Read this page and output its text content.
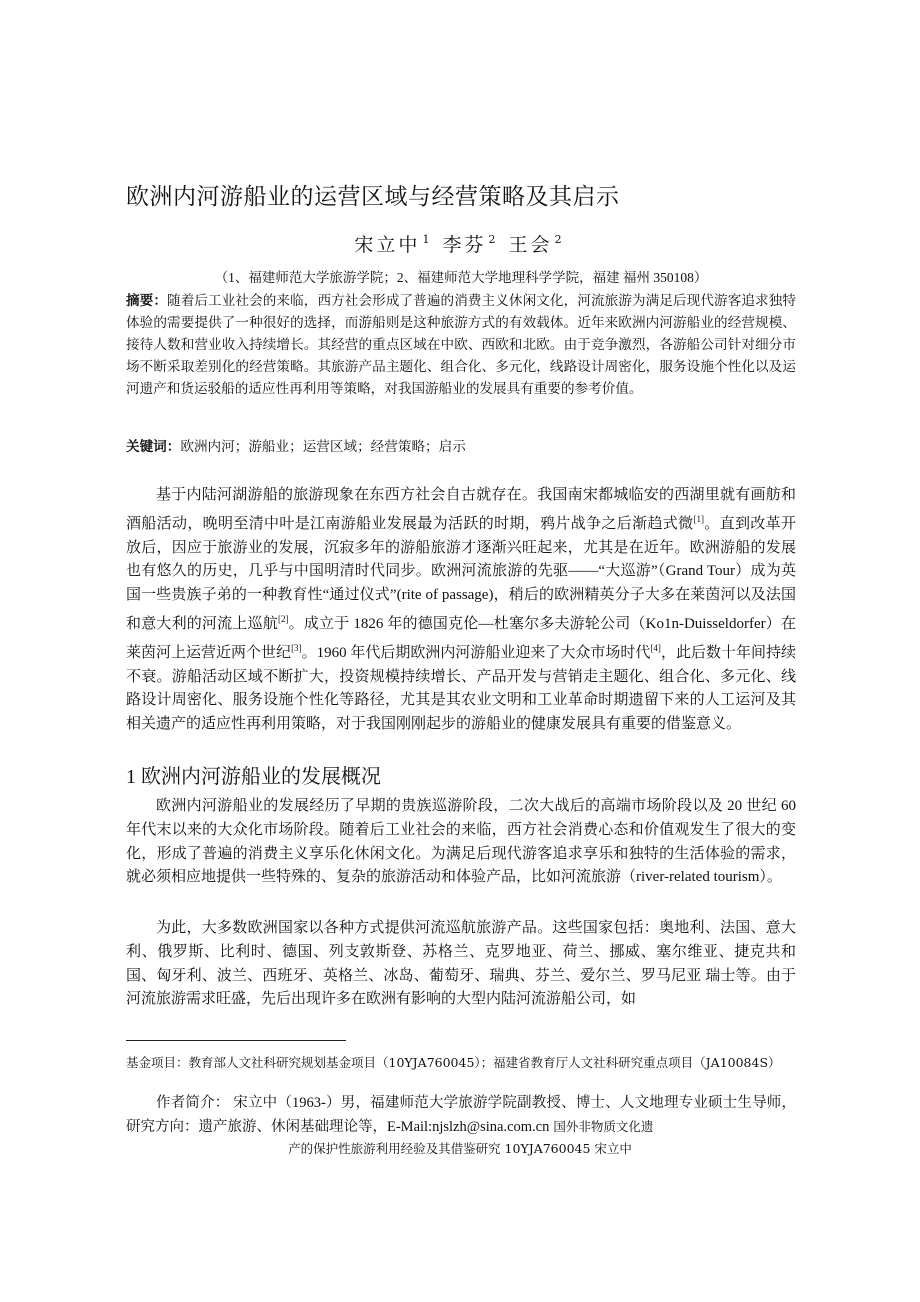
欧洲内河游船业的运营区域与经营策略及其启示
宋立中 $^1$ 李芬 $^2$ 王会 $^2$
（1、福建师范大学旅游学院；2、福建师范大学地理科学学院，福建 福州 350108）
摘要：随着后工业社会的来临，西方社会形成了普遍的消费主义休闲文化，河流旅游为满足后现代游客追求独特体验的需要提供了一种很好的选择，而游船则是这种旅游方式的有效载体。近年来欧洲内河游船业的经营规模、接待人数和营业收入持续增长。其经营的重点区域在中欧、西欧和北欧。由于竞争激烈，各游船公司针对细分市场不断采取差别化的经营策略。其旅游产品主题化、组合化、多元化，线路设计周密化，服务设施个性化以及运河遗产和货运驳船的适应性再利用等策略，对我国游船业的发展具有重要的参考价值。
关键词：欧洲内河；游船业；运营区域；经营策略；启示
基于内陆河湖游船的旅游现象在东西方社会自古就存在。我国南宋都城临安的西湖里就有画舫和酒船活动，晚明至清中叶是江南游船业发展最为活跃的时期，鸦片战争之后渐趋式微[1]。直到改革开放后，因应于旅游业的发展，沉寂多年的游船旅游才逐渐兴旺起来，尤其是在近年。欧洲游船的发展也有悠久的历史，几乎与中国明清时代同步。欧洲河流旅游的先驱——“大巡游”（Grand Tour）成为英国一些贵族子弟的一种教育性“通过仪式”(rite of passage)，稍后的欧洲精英分子大多在莱茵河以及法国和意大利的河流上巡航[2]。成立于 1826 年的德国克伦—杜塞尔多夫游轮公司（Ko1n-Duisseldorfer）在莱茵河上运营近两个世纪[3]。1960 年代后期欧洲内河游船业迎来了大众市场时代[4]，此后数十年间持续不衰。游船活动区域不断扩大，投资规模持续增长、产品开发与营销走主题化、组合化、多元化、线路设计周密化、服务设施个性化等路径，尤其是其农业文明和工业革命时期遗留下来的人工运河及其相关遗产的适应性再利用策略，对于我国刚刚起步的游船业的健康发展具有重要的借鉴意义。
1 欧洲内河游船业的发展概况
欧洲内河游船业的发展经历了早期的贵族巡游阶段，二次大战后的高端市场阶段以及 20 世纪 60 年代末以来的大众化市场阶段。随着后工业社会的来临，西方社会消费心态和价值观发生了很大的变化，形成了普遍的消费主义享乐化休闲文化。为满足后现代游客追求享乐和独特的生活体验的需求，就必须相应地提供一些特殊的、复杂的旅游活动和体验产品，比如河流旅游（river-related tourism）。
为此，大多数欧洲国家以各种方式提供河流巡航旅游产品。这些国家包括：奥地利、法国、意大利、俄罗斯、比利时、德国、列支敦斯登、苏格兰、克罗地亚、荷兰、挪威、塞尔维亚、捷克共和国、匈牙利、波兰、西班牙、英格兰、冰岛、葡萄牙、瑞典、芬兰、爱尔兰、罗马尼亚 瑞士等。由于河流旅游需求旺盛，先后出现许多在欧洲有影响的大型内陆河流游船公司，如
基金项目：教育部人文社科研究规划基金项目（10YJA760045）；福建省教育厅人文社科研究重点项目（JA10084S）
作者简介： 宋立中（1963-）男，福建师范大学旅游学院副教授、博士、人文地理专业硕士生导师，研究方向：遗产旅游、休闲基础理论等，E-Mail:njslzh@sina.com.cn 国外非物质文化遗
产的保护性旅游利用经验及其借鉴研究 10YJA760045 宋立中
